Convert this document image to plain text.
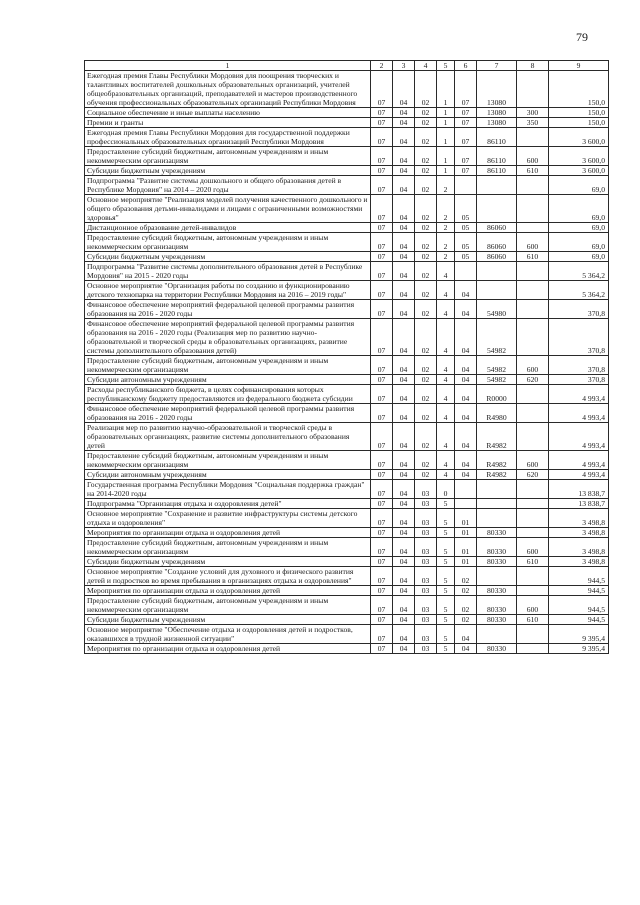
79
1	2	3	4	5	6	7	8	9
Ежегодная премия Главы Республики Мордовия для поощрения творческих и талантливых воспитателей дошкольных образовательных организаций, учителей общеобразовательных организаций, преподавателей и мастеров производственного обучения профессиональных образовательных организаций Республики Мордовия	07	04	02	1	07	13080		150,0
Социальное обеспечение и иные выплаты населению	07	04	02	1	07	13080	300	150,0
Премии и гранты	07	04	02	1	07	13080	350	150,0
Ежегодная премия Главы Республики Мордовия для государственной поддержки профессиональных образовательных организаций Республики Мордовия	07	04	02	1	07	86110		3 600,0
Предоставление субсидий бюджетным, автономным учреждениям и иным некоммерческим организациям	07	04	02	1	07	86110	600	3 600,0
Субсидии бюджетным учреждениям	07	04	02	1	07	86110	610	3 600,0
Подпрограмма "Развитие системы дошкольного и общего образования детей в Республике Мордовия" на 2014 – 2020 годы	07	04	02	2				69,0
Основное мероприятие "Реализация моделей получения качественного дошкольного и общего образования детьми-инвалидами и лицами с ограниченными возможностями здоровья"	07	04	02	2	05			69,0
Дистанционное образование детей-инвалидов	07	04	02	2	05	86060		69,0
Предоставление субсидий бюджетным, автономным учреждениям и иным некоммерческим организациям	07	04	02	2	05	86060	600	69,0
Субсидии бюджетным учреждениям	07	04	02	2	05	86060	610	69,0
Подпрограмма "Развитие системы дополнительного образования детей в Республике Мордовия" на 2015 - 2020 годы	07	04	02	4				5 364,2
Основное мероприятие "Организация работы по созданию и функционированию детского технопарка на территории Республики Мордовия на 2016 – 2019 годы"	07	04	02	4	04			5 364,2
Финансовое обеспечение мероприятий федеральной целевой программы развития образования на 2016 - 2020 годы	07	04	02	4	04	54980		370,8
Финансовое обеспечение мероприятий федеральной целевой программы развития образования на 2016 - 2020 годы (Реализация мер по развитию научно-образовательной и творческой среды в образовательных организациях, развитие системы дополнительного образования детей)	07	04	02	4	04	54982		370,8
Предоставление субсидий бюджетным, автономным учреждениям и иным некоммерческим организациям	07	04	02	4	04	54982	600	370,8
Субсидии автономным учреждениям	07	04	02	4	04	54982	620	370,8
Расходы республиканского бюджета, в целях софинансирования которых республиканскому бюджету предоставляются из федерального бюджета субсидии	07	04	02	4	04	R0000		4 993,4
Финансовое обеспечение мероприятий федеральной целевой программы развития образования на 2016 - 2020 годы	07	04	02	4	04	R4980		4 993,4
Реализация мер по развитию научно-образовательной и творческой среды в образовательных организациях, развитие системы дополнительного образования детей	07	04	02	4	04	R4982		4 993,4
Предоставление субсидий бюджетным, автономным учреждениям и иным некоммерческим организациям	07	04	02	4	04	R4982	600	4 993,4
Субсидии автономным учреждениям	07	04	02	4	04	R4982	620	4 993,4
Государственная программа Республики Мордовия "Социальная поддержка граждан" на 2014-2020 годы	07	04	03	0				13 838,7
Подпрограмма "Организация отдыха и оздоровления детей"	07	04	03	5				13 838,7
Основное мероприятие "Сохранение и развитие инфраструктуры системы детского отдыха и оздоровления"	07	04	03	5	01			3 498,8
Мероприятия по организации отдыха и оздоровления детей	07	04	03	5	01	80330		3 498,8
Предоставление субсидий бюджетным, автономным учреждениям и иным некоммерческим организациям	07	04	03	5	01	80330	600	3 498,8
Субсидии бюджетным учреждениям	07	04	03	5	01	80330	610	3 498,8
Основное мероприятие "Создание условий для духовного и физического развития детей и подростков во время пребывания в организациях отдыха и оздоровления"	07	04	03	5	02			944,5
Мероприятия по организации отдыха и оздоровления детей	07	04	03	5	02	80330		944,5
Предоставление субсидий бюджетным, автономным учреждениям и иным некоммерческим организациям	07	04	03	5	02	80330	600	944,5
Субсидии бюджетным учреждениям	07	04	03	5	02	80330	610	944,5
Основное мероприятие "Обеспечение отдыха и оздоровления детей и подростков, оказавшихся в трудной жизненной ситуации"	07	04	03	5	04			9 395,4
Мероприятия по организации отдыха и оздоровления детей	07	04	03	5	04	80330		9 395,4
